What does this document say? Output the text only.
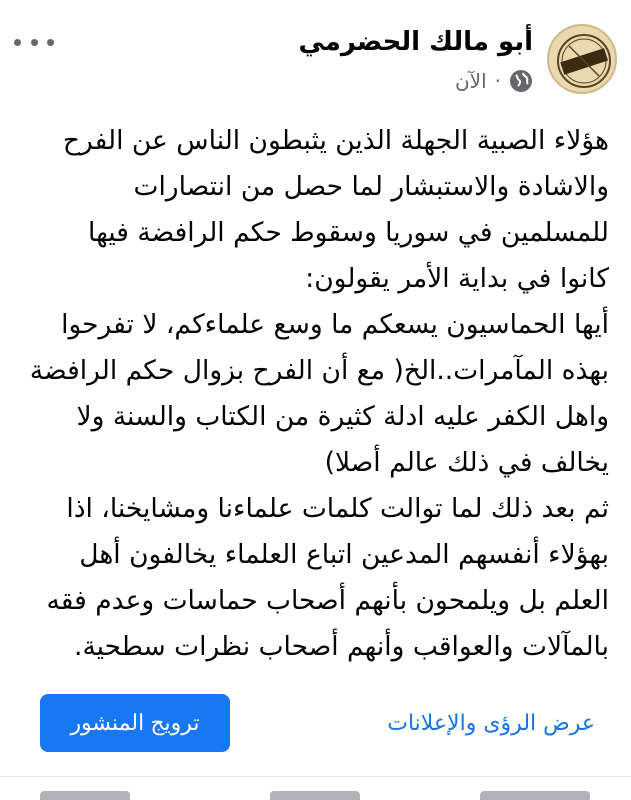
أبو مالك الحضرمي
الآن ·
هؤلاء الصبية الجهلة الذين يثبطون الناس عن الفرح
والاشادة والاستبشار لما حصل من انتصارات
للمسلمين في سوريا وسقوط حكم الرافضة فيها
كانوا في بداية الأمر يقولون:
أيها الحماسيون يسعكم ما وسع علماءكم، لا تفرحوا
بهذه المآمرات..الخ( مع أن الفرح بزوال حكم الرافضة
واهل الكفر عليه ادلة كثيرة من الكتاب والسنة ولا
يخالف في ذلك عالم أصلا)
ثم بعد ذلك لما توالت كلمات علماءنا ومشايخنا، اذا
بهؤلاء أنفسهم المدعين اتباع العلماء يخالفون أهل
العلم بل ويلمحون بأنهم أصحاب حماسات وعدم فقه
بالمآلات والعواقب وأنهم أصحاب نظرات سطحية.
ترويج المنشور	عرض الرؤى والإعلانات
